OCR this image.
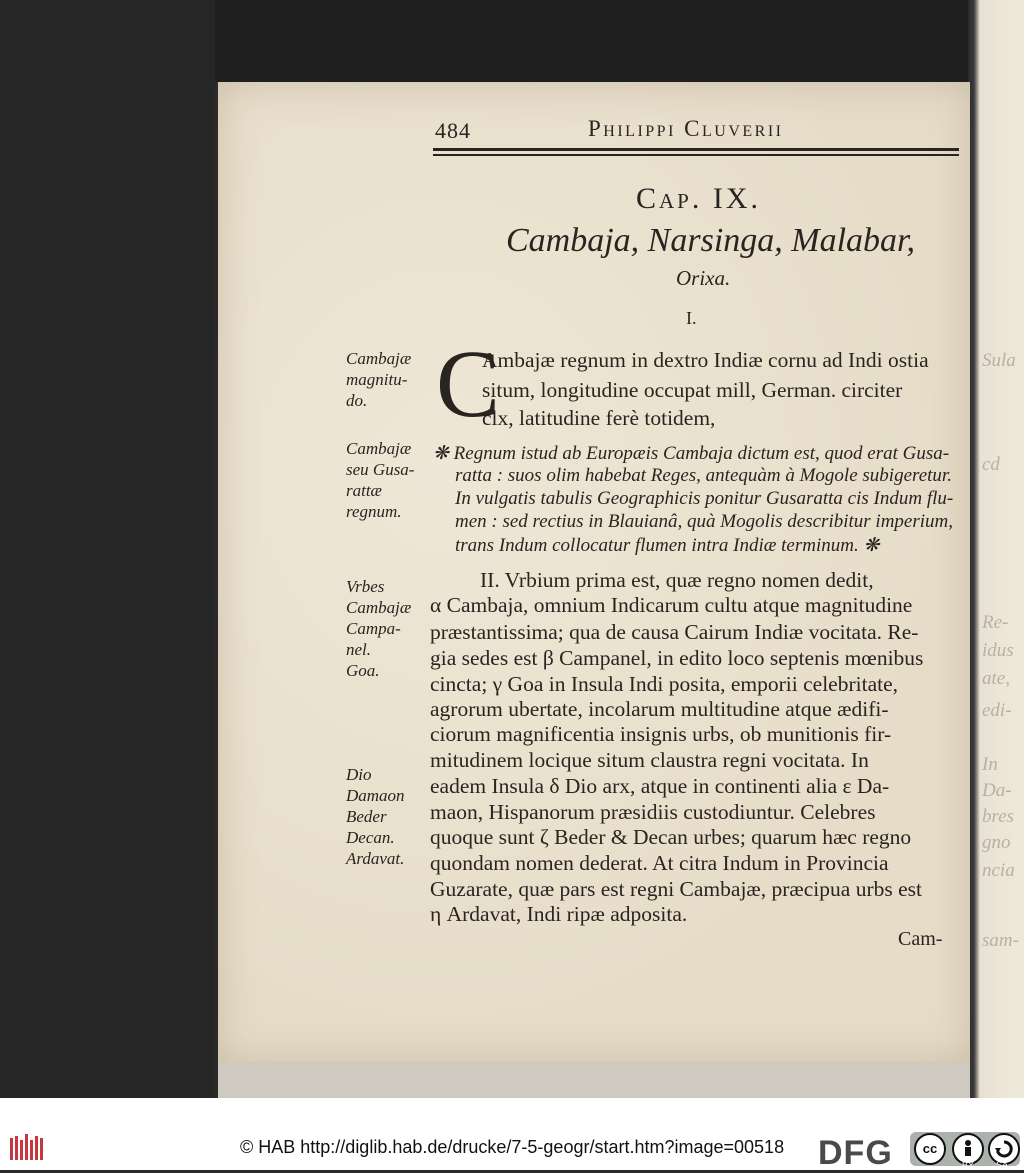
Sula
cd
Re-
idus
ate,
edi-
In
Da-
bres
gno
ncia
sam-
484	Philippi Cluverii
Cap. IX.
Cambaja, Narsinga, Malabar,
Orixa.
I.
C
Ambajæ regnum in dextro Indiæ cornu ad Indi ostia
situm, longitudine occupat mill, German. circiter
clx, latitudine ferè totidem,
❋ Regnum istud ab Europæis Cambaja dictum est, quod erat Gusa-
ratta : suos olim habebat Reges, antequàm à Mogole subigeretur.
In vulgatis tabulis Geographicis ponitur Gusaratta cis Indum flu-
men : sed rectius in Blauianâ, quà Mogolis describitur imperium,
trans Indum collocatur flumen intra Indiæ terminum. ❋
II. Vrbium prima est, quæ regno nomen dedit,
α Cambaja, omnium Indicarum cultu atque magnitudine
præstantissima; qua de causa Cairum Indiæ vocitata. Re-
gia sedes est β Campanel, in edito loco septenis mœnibus
cincta; γ Goa in Insula Indi posita, emporii celebritate,
agrorum ubertate, incolarum multitudine atque ædifi-
ciorum magnificentia insignis urbs, ob munitionis fir-
mitudinem locique situm claustra regni vocitata. In
eadem Insula δ Dio arx, atque in continenti alia ε Da-
maon, Hispanorum præsidiis custodiuntur. Celebres
quoque sunt ζ Beder & Decan urbes; quarum hæc regno
quondam nomen dederat. At citra Indum in Provincia
Guzarate, quæ pars est regni Cambajæ, præcipua urbs est
η Ardavat, Indi ripæ adposita.
Cambajæ
magnitu-
do.
Cambajæ
seu Gusa-
rattæ
regnum.
Vrbes
Cambajæ
Campa-
nel.
Goa.
Dio
Damaon
Beder
Decan.
Ardavat.
Cam-
© HAB http://diglib.hab.de/drucke/7-5-geogr/start.htm?image=00518 DFG	cc
BY SA
